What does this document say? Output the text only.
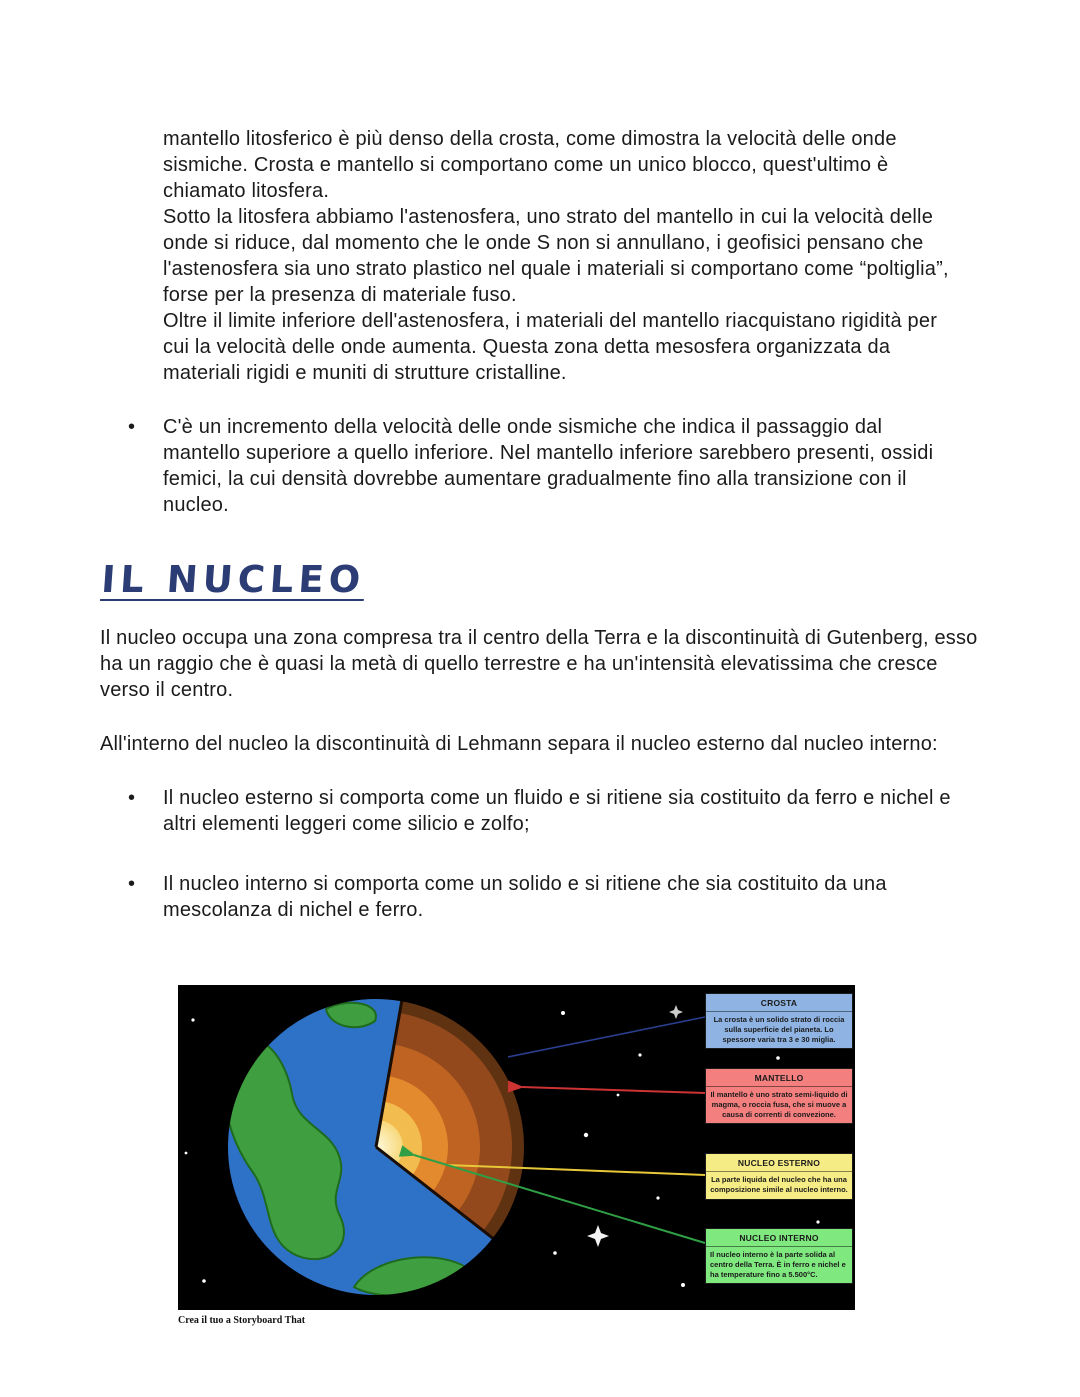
mantello litosferico è più denso della crosta, come dimostra la velocità delle onde sismiche. Crosta e mantello si comportano come un unico blocco, quest'ultimo è chiamato litosfera.
Sotto la litosfera abbiamo l'astenosfera, uno strato del mantello in cui la velocità delle onde si riduce, dal momento che le onde S non si annullano, i geofisici pensano che l'astenosfera sia uno strato plastico nel quale i materiali si comportano come “poltiglia”, forse per la presenza di materiale fuso.
Oltre il limite inferiore dell'astenosfera, i materiali del mantello riacquistano rigidità per cui la velocità delle onde aumenta. Questa zona detta mesosfera organizzata da materiali rigidi e muniti di strutture cristalline.
•	C'è un incremento della velocità delle onde sismiche che indica il passaggio dal mantello superiore a quello inferiore. Nel mantello inferiore sarebbero presenti, ossidi femici, la cui densità dovrebbe aumentare gradualmente fino alla transizione con il nucleo.

IL NUCLEO

Il nucleo occupa una zona compresa tra il centro della Terra e la discontinuità di Gutenberg, esso ha un raggio che è quasi la metà di quello terrestre e ha un'intensità elevatissima che cresce verso il centro.

All'interno del nucleo la discontinuità di Lehmann separa il nucleo esterno dal nucleo interno:

•	Il nucleo esterno si comporta come un fluido e si ritiene sia costituito da ferro e nichel e altri elementi leggeri come silicio e zolfo;

•	Il nucleo interno si comporta come un solido e si ritiene che sia costituito da una mescolanza di nichel e ferro.

CROSTA
La crosta è un solido strato di roccia sulla superficie del pianeta. Lo spessore varia tra 3 e 30 miglia.
MANTELLO
Il mantello è uno strato semi-liquido di magma, o roccia fusa, che si muove a causa di correnti di convezione.
NUCLEO ESTERNO
La parte liquida del nucleo che ha una composizione simile al nucleo interno.
NUCLEO INTERNO
Il nucleo interno è la parte solida al centro della Terra. È in ferro e nichel e ha temperature fino a 5.500°C.
Crea il tuo a Storyboard That
